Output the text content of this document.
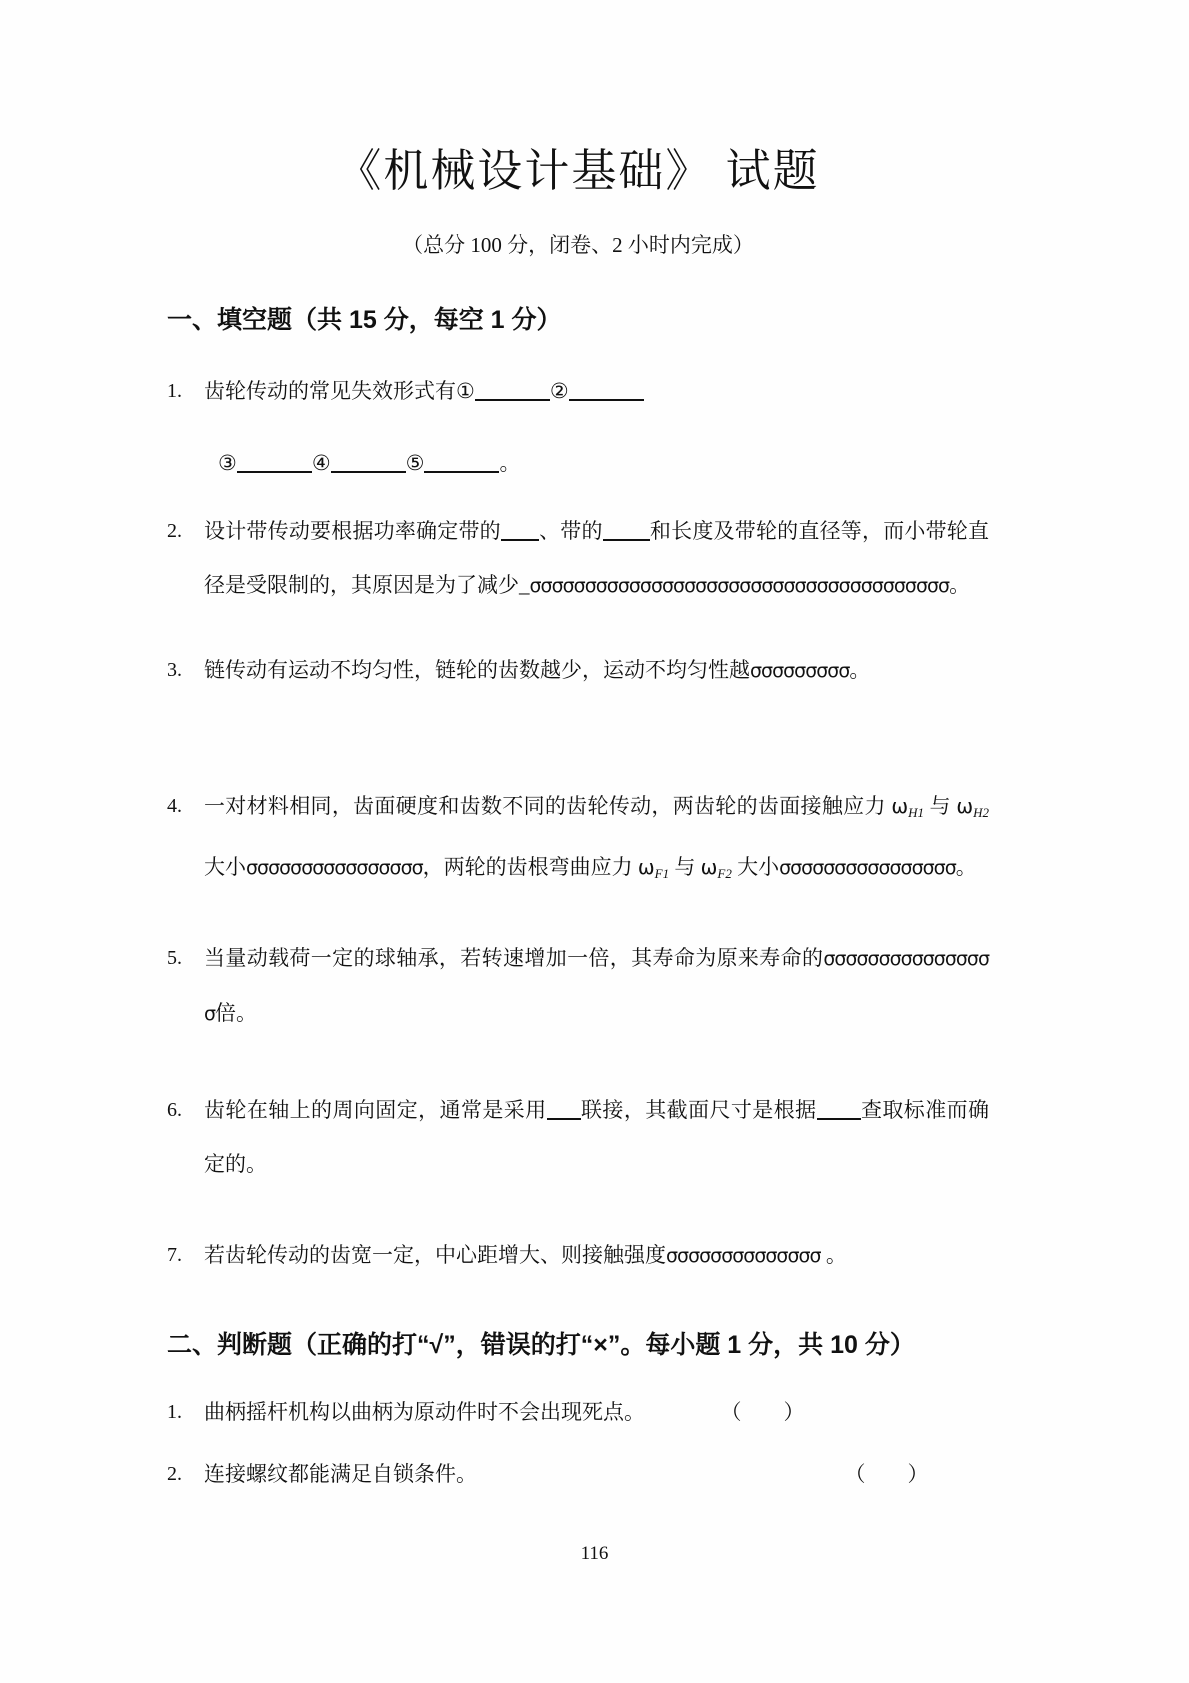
《机械设计基础》 试题
（总分 100 分，闭卷、2 小时内完成）
一、填空题（共 15 分，每空 1 分）
1.	齿轮传动的常见失效形式有①	②
③	④	⑤	。
2.	设计带传动要根据功率确定带的 、带的 和长度及带轮的直径等，而小带轮直径是受限制的，其原因是为了减少_σσσσσσσσσσσσσσσσσσσσσσσσσσσσσσσσσσσσσσ。
3.	链传动有运动不均匀性，链轮的齿数越少，运动不均匀性越σσσσσσσσσ。
4.	一对材料相同，齿面硬度和齿数不同的齿轮传动，两齿轮的齿面接触应力 $\omega_{H1}$ 与 $\omega_{H2}$ 大小σσσσσσσσσσσσσσσσ，两轮的齿根弯曲应力 $\omega_{F1}$ 与 $\omega_{F2}$ 大小σσσσσσσσσσσσσσσσ。
5.	当量动载荷一定的球轴承，若转速增加一倍，其寿命为原来寿命的σσσσσσσσσσσσσσσσ倍。
6.	齿轮在轴上的周向固定，通常是采用 联接，其截面尺寸是根据 查取标准而确定的。
7.	若齿轮传动的齿宽一定，中心距增大、则接触强度σσσσσσσσσσσσσσ 。
二、判断题（正确的打“√”，错误的打“×”。每小题 1 分，共 10 分）
1.	曲柄摇杆机构以曲柄为原动件时不会出现死点。	（　　）
2.	连接螺纹都能满足自锁条件。	（　　）
116
